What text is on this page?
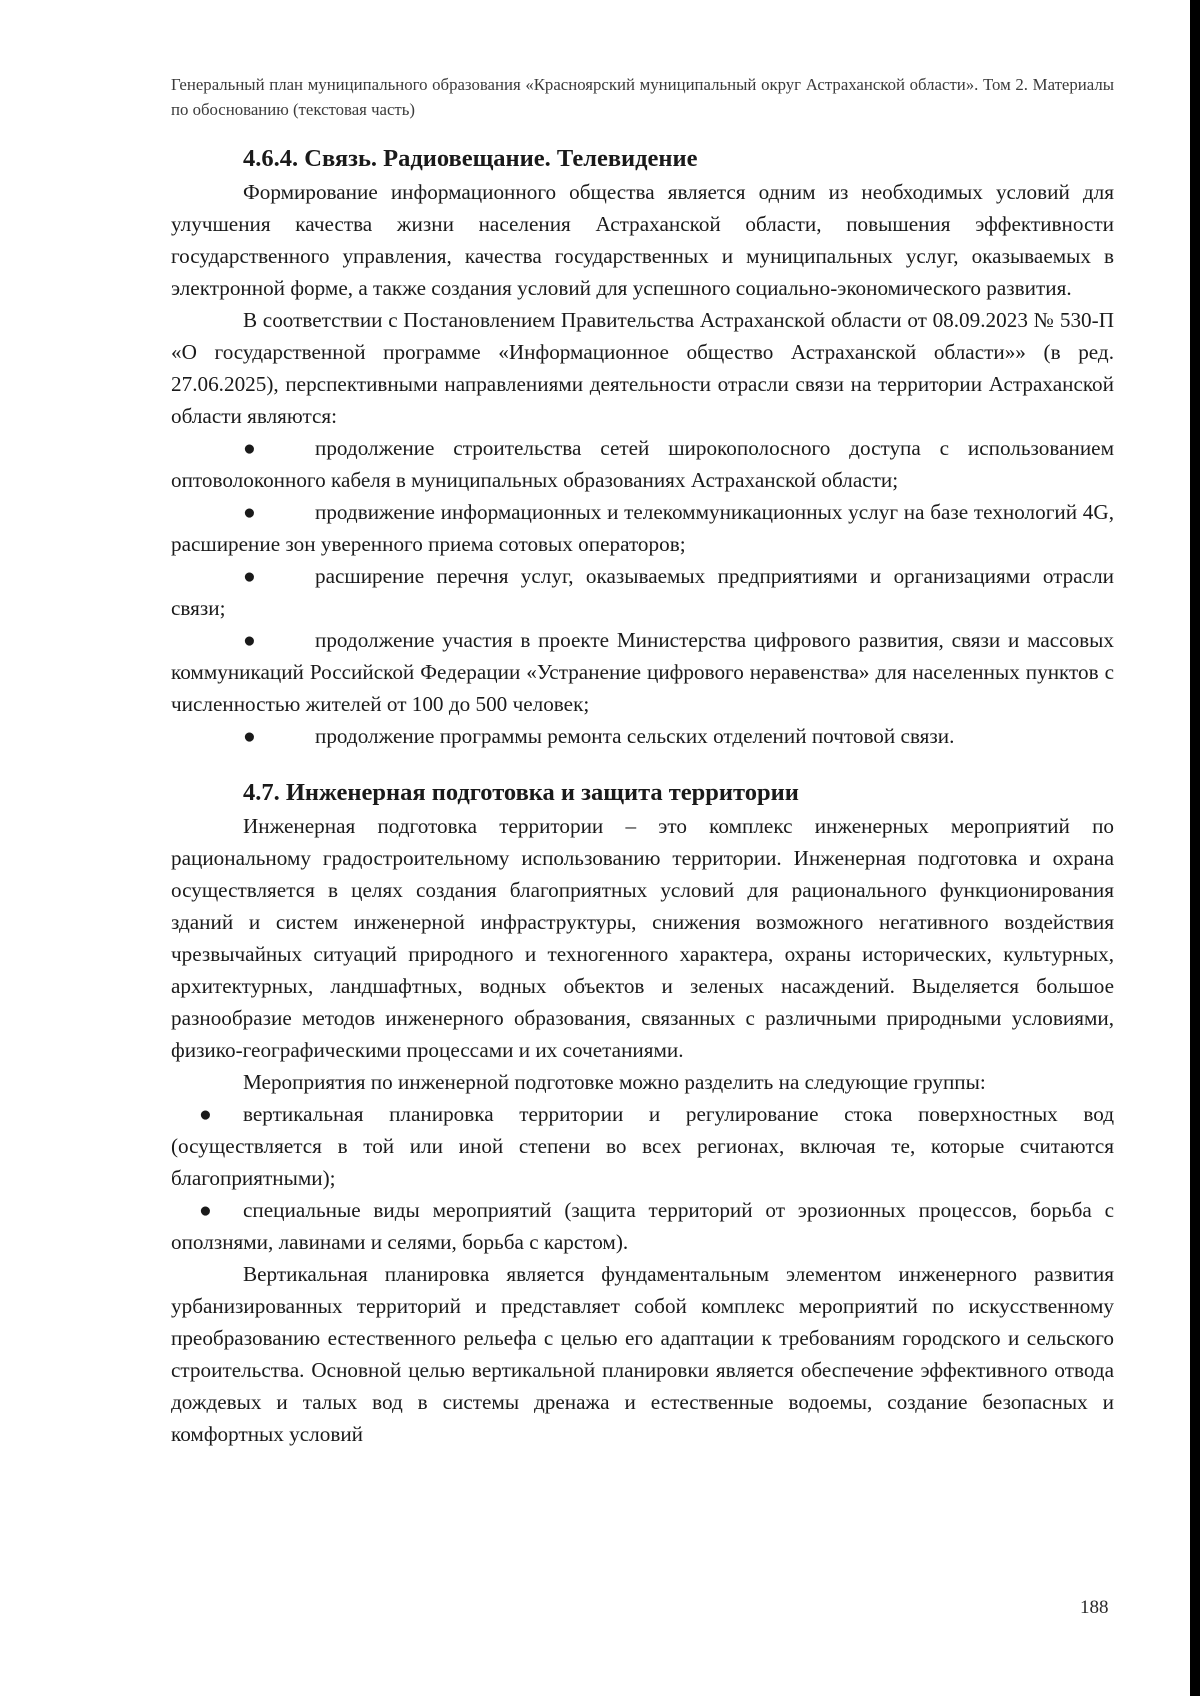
Генеральный план муниципального образования «Красноярский муниципальный округ Астраханской области». Том 2. Материалы по обоснованию (текстовая часть)
4.6.4. Связь. Радиовещание. Телевидение

Формирование информационного общества является одним из необходимых условий для улучшения качества жизни населения Астраханской области, повышения эффективности государственного управления, качества государственных и муниципальных услуг, оказываемых в электронной форме, а также создания условий для успешного социально-экономического развития.

В соответствии с Постановлением Правительства Астраханской области от 08.09.2023 № 530-П «О государственной программе «Информационное общество Астраханской области»» (в ред. 27.06.2025), перспективными направлениями деятельности отрасли связи на территории Астраханской области являются:

●	продолжение строительства сетей широкополосного доступа с использованием оптоволоконного кабеля в муниципальных образованиях Астраханской области;

●	продвижение информационных и телекоммуникационных услуг на базе технологий 4G, расширение зон уверенного приема сотовых операторов;

●	расширение перечня услуг, оказываемых предприятиями и организациями отрасли связи;

●	продолжение участия в проекте Министерства цифрового развития, связи и массовых коммуникаций Российской Федерации «Устранение цифрового неравенства» для населенных пунктов с численностью жителей от 100 до 500 человек;

●	продолжение программы ремонта сельских отделений почтовой связи.

4.7. Инженерная подготовка и защита территории

Инженерная подготовка территории – это комплекс инженерных мероприятий по рациональному градостроительному использованию территории. Инженерная подготовка и охрана осуществляется в целях создания благоприятных условий для рационального функционирования зданий и систем инженерной инфраструктуры, снижения возможного негативного воздействия чрезвычайных ситуаций природного и техногенного характера, охраны исторических, культурных, архитектурных, ландшафтных, водных объектов и зеленых насаждений. Выделяется большое разнообразие методов инженерного образования, связанных с различными природными условиями, физико-географическими процессами и их сочетаниями.

Мероприятия по инженерной подготовке можно разделить на следующие группы:

● вертикальная планировка территории и регулирование стока поверхностных вод (осуществляется в той или иной степени во всех регионах, включая те, которые считаются благоприятными);

● специальные виды мероприятий (защита территорий от эрозионных процессов, борьба с оползнями, лавинами и селями, борьба с карстом).

Вертикальная планировка является фундаментальным элементом инженерного развития урбанизированных территорий и представляет собой комплекс мероприятий по искусственному преобразованию естественного рельефа с целью его адаптации к требованиям городского и сельского строительства. Основной целью вертикальной планировки является обеспечение эффективного отвода дождевых и талых вод в системы дренажа и естественные водоемы, создание безопасных и комфортных условий

188
